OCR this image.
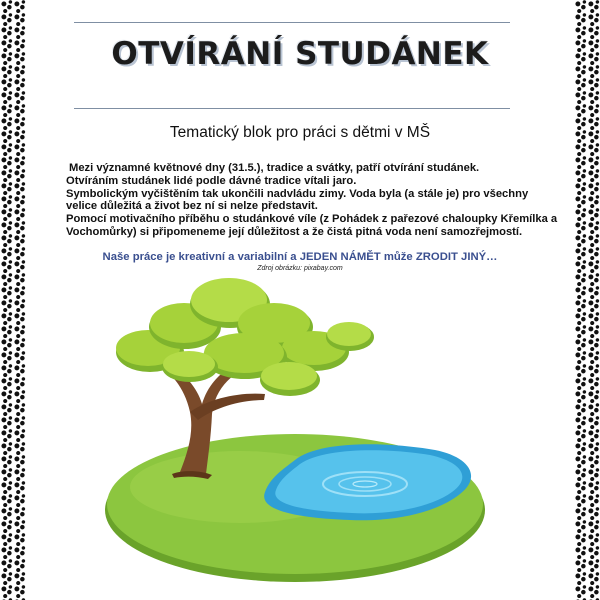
OTVÍRÁNÍ STUDÁNEK
Tematický blok pro práci s dětmi v MŠ
Mezi významné květnové dny (31.5.), tradice a svátky, patří otvírání studánek.
Otvíráním studánek lidé podle dávné tradice vítali jaro.
Symbolickým vyčištěním tak ukončili nadvládu zimy. Voda byla (a stále je) pro všechny
velice důležitá a život bez ní si nelze představit.
Pomocí motivačního příběhu o studánkové víle (z Pohádek z pařezové chaloupky Křemílka a
Vochomůrky) si připomeneme její důležitost a že čistá pitná voda není samozřejmostí.
Naše práce je kreativní a variabilní a JEDEN NÁMĚT může ZRODIT JINÝ…
Zdroj obrázku: pixabay.com
